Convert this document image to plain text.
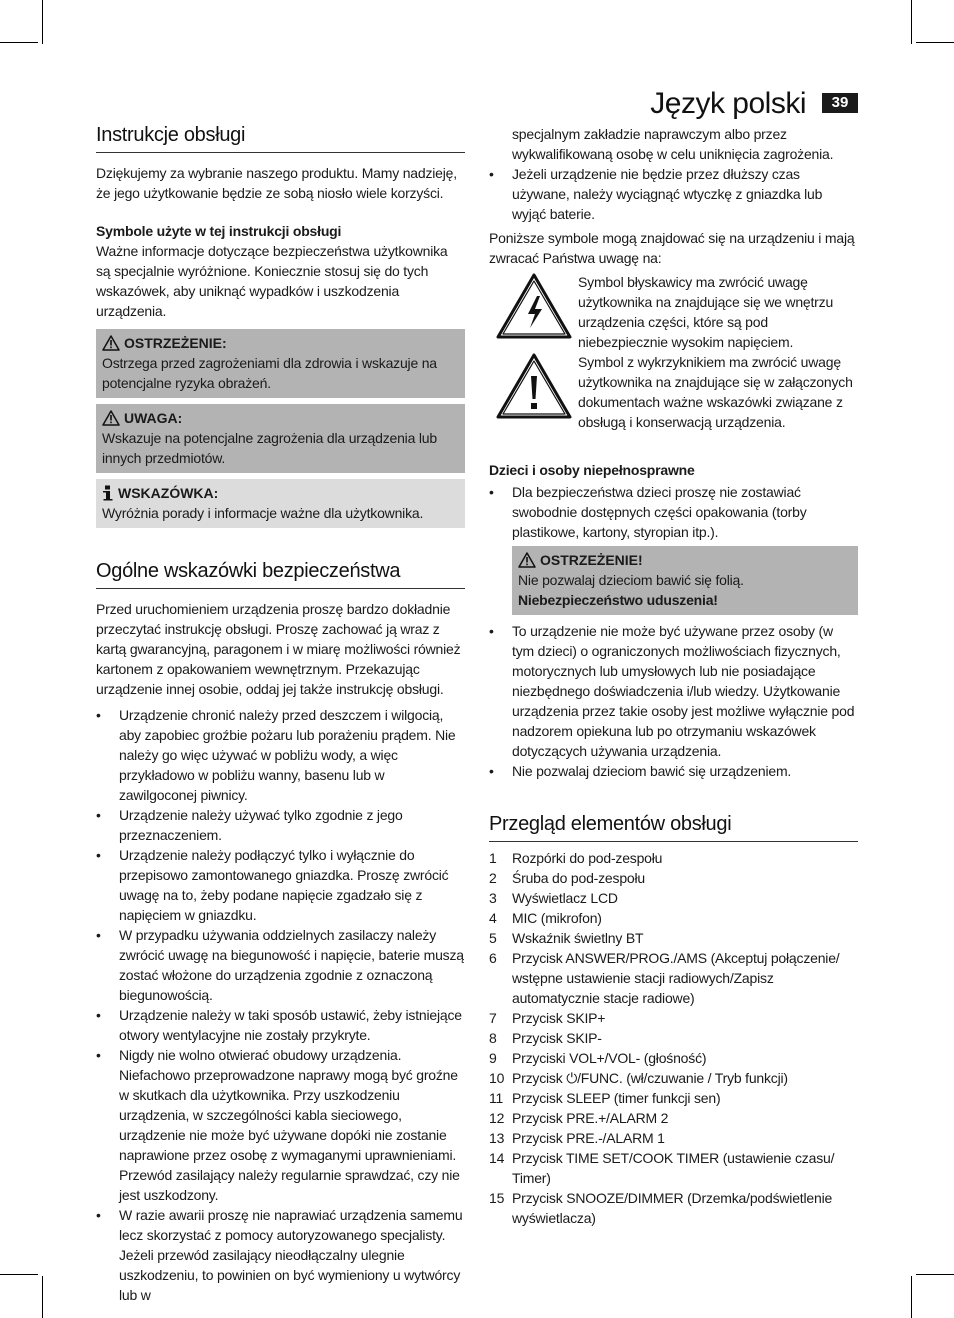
Język polski	39
Instrukcje obsługi

Dziękujemy za wybranie naszego produktu. Mamy nadzieję, że jego użytkowanie będzie ze sobą niosło wiele korzyści.

Symbole użyte w tej instrukcji obsługi

Ważne informacje dotyczące bezpieczeństwa użytkownika są specjalnie wyróżnione. Koniecznie stosuj się do tych wskazówek, aby uniknąć wypadków i uszkodzenia urządzenia.

OSTRZEŻENIE:

Ostrzega przed zagrożeniami dla zdrowia i wskazuje na potencjalne ryzyka obrażeń.

UWAGA:

Wskazuje na potencjalne zagrożenia dla urządzenia lub innych przedmiotów.

WSKAZÓWKA:

Wyróżnia porady i informacje ważne dla użytkownika.

Ogólne wskazówki bezpieczeństwa

Przed uruchomieniem urządzenia proszę bardzo dokładnie przeczytać instrukcję obsługi. Proszę zachować ją wraz z kartą gwarancyjną, paragonem i w miarę możliwości również kartonem z opakowaniem wewnętrznym. Przekazując urządzenie innej osobie, oddaj jej także instrukcję obsługi.

• Urządzenie chronić należy przed deszczem i wilgocią, aby zapobiec groźbie pożaru lub porażeniu prądem. Nie należy go więc używać w pobliżu wody, a więc przykładowo w pobliżu wanny, basenu lub w zawilgoconej piwnicy.
• Urządzenie należy używać tylko zgodnie z jego przeznaczeniem.
• Urządzenie należy podłączyć tylko i wyłącznie do przepisowo zamontowanego gniazdka. Proszę zwrócić uwagę na to, żeby podane napięcie zgadzało się z napięciem w gniazdku.
• W przypadku używania oddzielnych zasilaczy należy zwrócić uwagę na biegunowość i napięcie, baterie muszą zostać włożone do urządzenia zgodnie z oznaczoną biegunowością.
• Urządzenie należy w taki sposób ustawić, żeby istniejące otwory wentylacyjne nie zostały przykryte.
• Nigdy nie wolno otwierać obudowy urządzenia. Niefachowo przeprowadzone naprawy mogą być groźne w skutkach dla użytkownika. Przy uszkodzeniu urządzenia, w szczególności kabla sieciowego, urządzenie nie może być używane dopóki nie zostanie naprawione przez osobę z wymaganymi uprawnieniami. Przewód zasilający należy regularnie sprawdzać, czy nie jest uszkodzony.
• W razie awarii proszę nie naprawiać urządzenia samemu lecz skorzystać z pomocy autoryzowanego specjalisty. Jeżeli przewód zasilający nieodłączalny ulegnie uszkodzeniu, to powinien on być wymieniony u wytwórcy lub w

specjalnym zakładzie naprawczym albo przez wykwalifikowaną osobę w celu uniknięcia zagrożenia.

• Jeżeli urządzenie nie będzie przez dłuższy czas używane, należy wyciągnąć wtyczkę z gniazdka lub wyjąć baterie.

Poniższe symbole mogą znajdować się na urządzeniu i mają zwracać Państwa uwagę na:

Symbol błyskawicy ma zwrócić uwagę użytkownika na znajdujące się we wnętrzu urządzenia części, które są pod niebezpiecznie wysokim napięciem.

Symbol z wykrzyknikiem ma zwrócić uwagę użytkownika na znajdujące się w załączonych dokumentach ważne wskazówki związane z obsługą i konserwacją urządzenia.

Dzieci i osoby niepełnosprawne
• Dla bezpieczeństwa dzieci proszę nie zostawiać swobodnie dostępnych części opakowania (torby plastikowe, kartony, styropian itp.).
OSTRZEŻENIE!

Nie pozwalaj dzieciom bawić się folią. Niebezpieczeństwo uduszenia!

• To urządzenie nie może być używane przez osoby (w tym dzieci) o ograniczonych możliwościach fizycznych, motorycznych lub umysłowych lub nie posiadające niezbędnego doświadczenia i/lub wiedzy. Użytkowanie urządzenia przez takie osoby jest możliwe wyłącznie pod nadzorem opiekuna lub po otrzymaniu wskazówek dotyczących używania urządzenia.
• Nie pozwalaj dzieciom bawić się urządzeniem.
Przegląd elementów obsługi
1	Rozpórki do pod-zespołu
2	Śruba do pod-zespołu
3	Wyświetlacz LCD
4	MIC (mikrofon)
5	Wskaźnik świetlny BT
6	Przycisk ANSWER/PROG./AMS (Akceptuj połączenie/ wstępne ustawienie stacji radiowych/Zapisz automatycznie stacje radiowe)
7	Przycisk SKIP+
8	Przycisk SKIP-
9	Przyciski VOL+/VOL- (głośność)
10 Przycisk ⏻/FUNC. (wł/czuwanie / Tryb funkcji)
11 Przycisk SLEEP (timer funkcji sen)
12 Przycisk PRE.+/ALARM 2
13 Przycisk PRE.-/ALARM 1
14 Przycisk TIME SET/COOK TIMER (ustawienie czasu/ Timer)
15 Przycisk SNOOZE/DIMMER (Drzemka/podświetlenie wyświetlacza)
